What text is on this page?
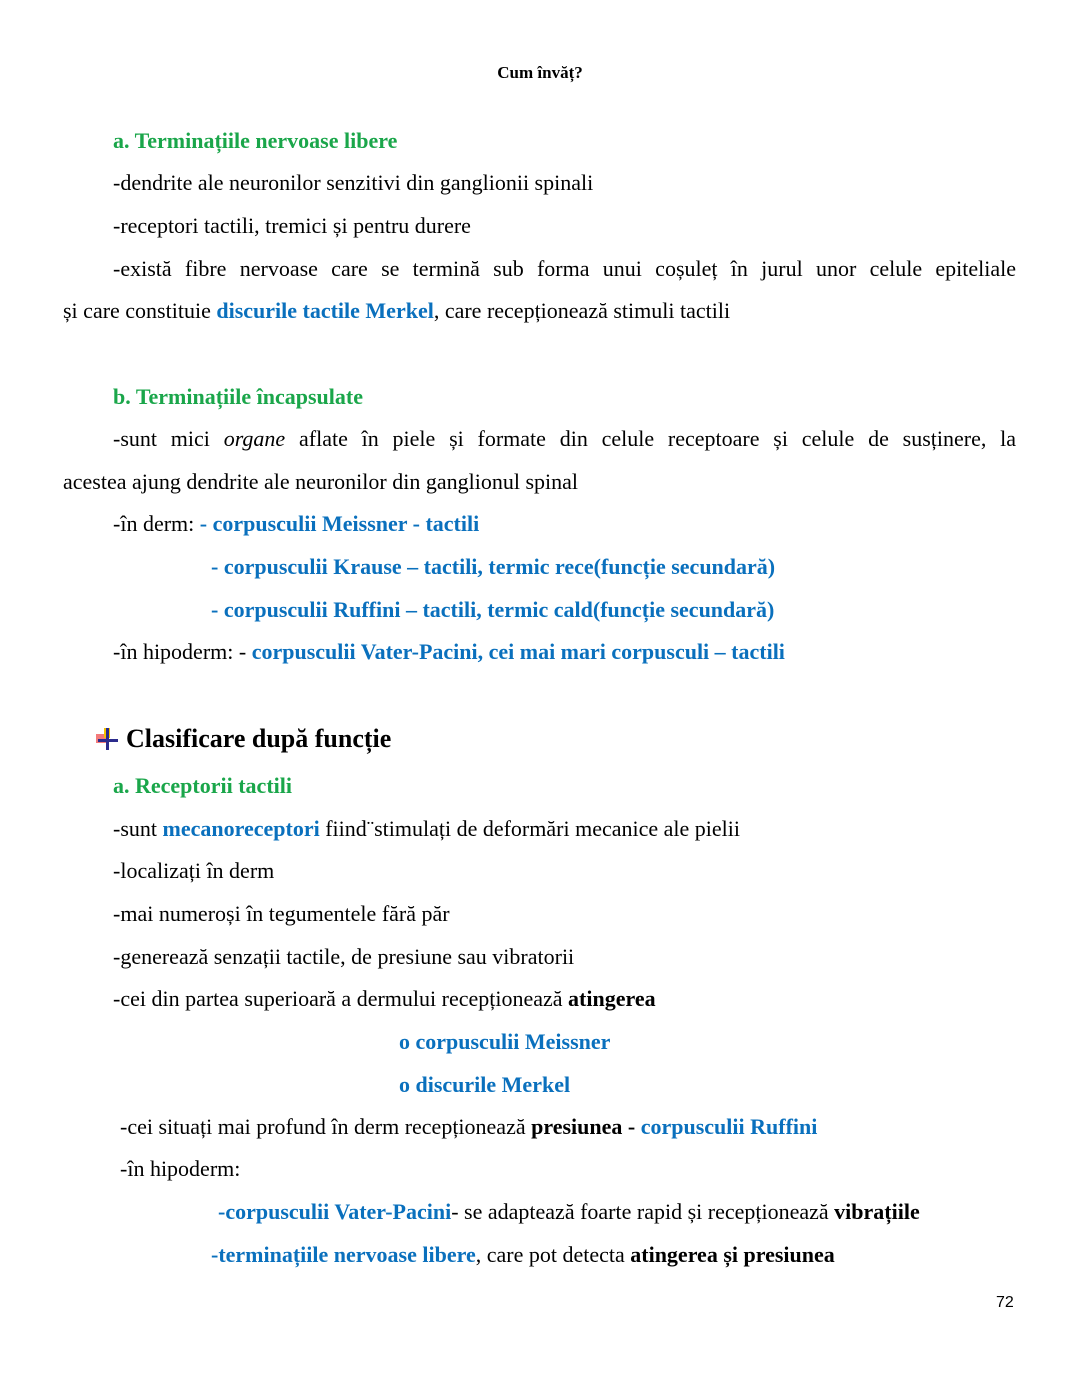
Cum învăț?
a. Terminațiile nervoase libere
-dendrite ale neuronilor senzitivi din ganglionii spinali
-receptori tactili, tremici și pentru durere
-există fibre nervoase care se termină sub forma unui coșuleț în jurul unor celule epiteliale
și care constituie discurile tactile Merkel, care recepționează stimuli tactili
b. Terminațiile încapsulate
-sunt mici organe aflate în piele și formate din celule receptoare și celule de susținere, la
acestea ajung dendrite ale neuronilor din ganglionul spinal
-în derm: - corpusculii Meissner - tactili
- corpusculii Krause – tactili, termic rece(funcție secundară)
- corpusculii Ruffini – tactili, termic cald(funcție secundară)
-în hipoderm: - corpusculii Vater-Pacini, cei mai mari corpusculi – tactili
Clasificare după funcție
a. Receptorii tactili
-sunt mecanoreceptori fiind¨stimulați de deformări mecanice ale pielii
-localizați în derm
-mai numeroși în tegumentele fără păr
-generează senzații tactile, de presiune sau vibratorii
-cei din partea superioară a dermului recepționează atingerea
o corpusculii Meissner
o discurile Merkel
-cei situați mai profund în derm recepționează presiunea - corpusculii Ruffini
-în hipoderm:
-corpusculii Vater-Pacini- se adaptează foarte rapid și recepționează vibrațiile
-terminațiile nervoase libere, care pot detecta atingerea și presiunea
72
